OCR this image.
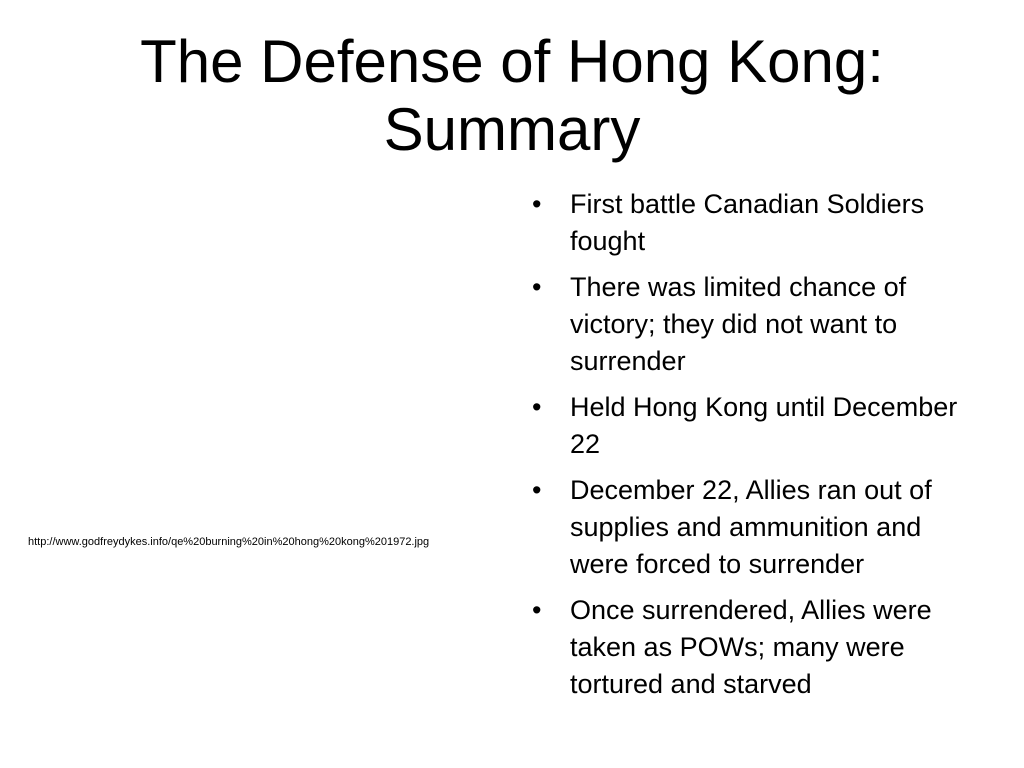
The Defense of Hong Kong:
Summary
http://www.godfreydykes.info/qe%20burning%20in%20hong%20kong%201972.jpg
• First battle Canadian Soldiers fought
• There was limited chance of victory; they did not want to surrender
• Held Hong Kong until December 22
• December 22, Allies ran out of supplies and ammunition and were forced to surrender
• Once surrendered, Allies were taken as POWs; many were tortured and starved
